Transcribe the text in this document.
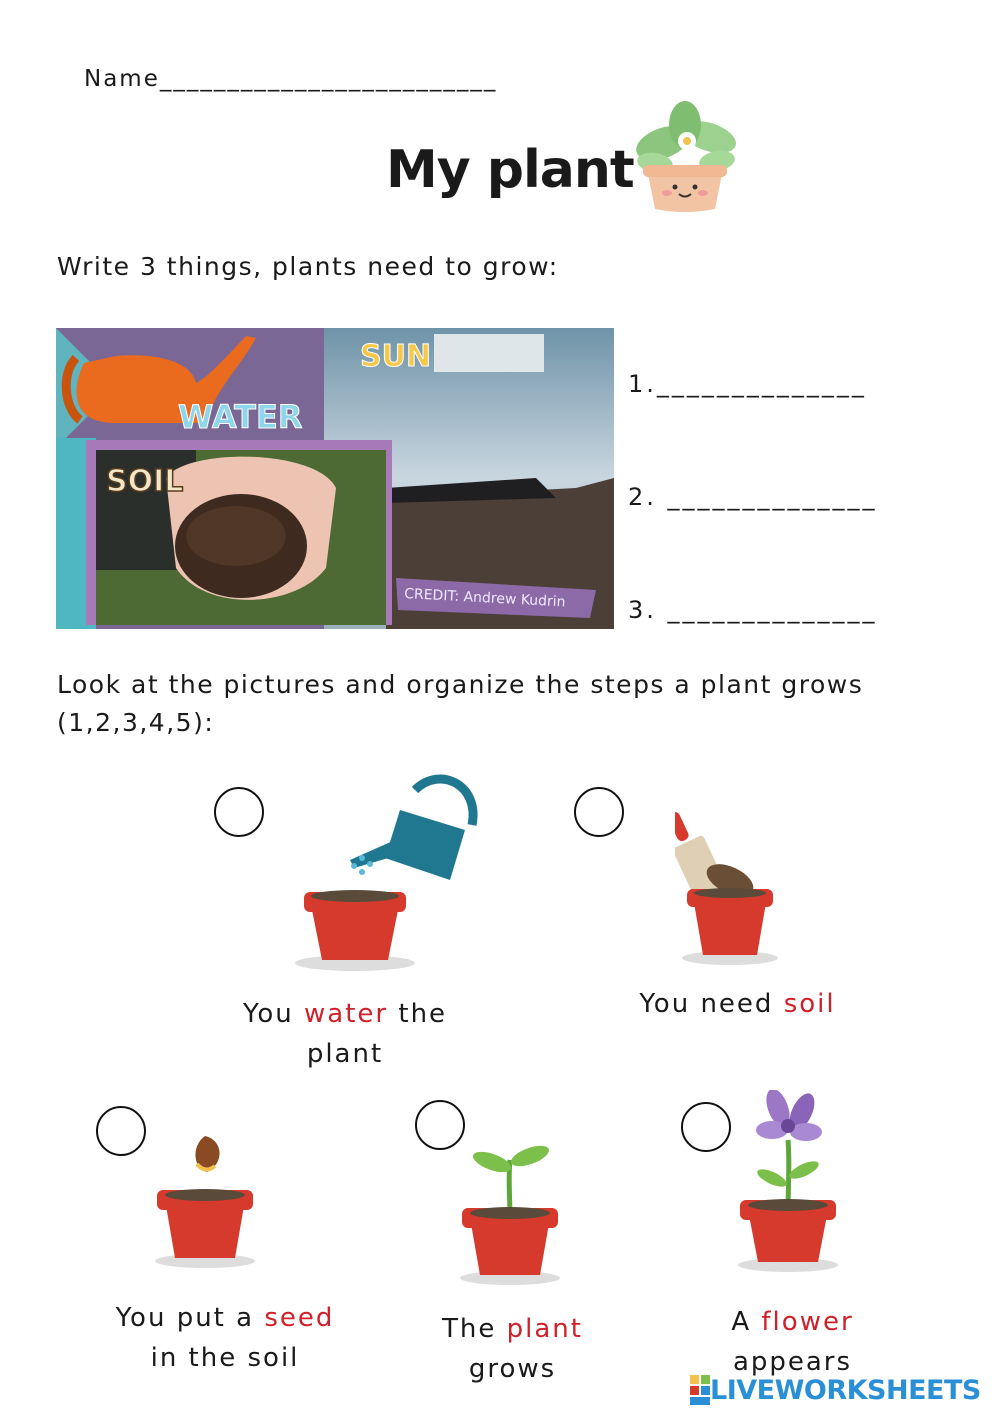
Name_________________________
My plant
Write 3 things, plants need to grow:
CREDIT: Andrew Kudrin
WATER
SUN
SOIL
1.______________
2. ______________
3. ______________
Look at the pictures and organize the steps a plant grows (1,2,3,4,5):
You water the
plant
You need soil
You put a seed
in the soil
The plant
grows
A flower
appears
LIVEWORKSHEETS
